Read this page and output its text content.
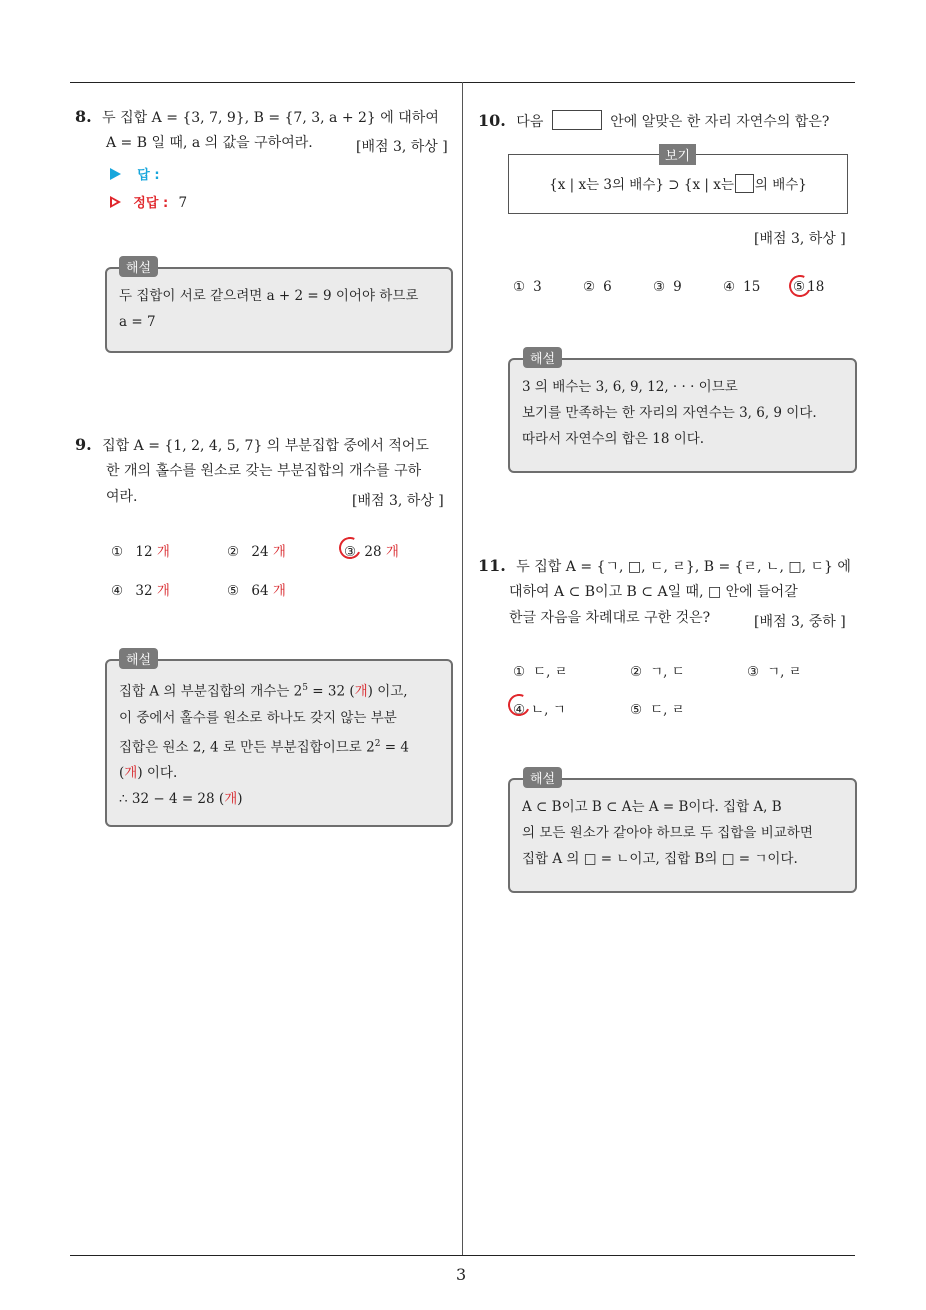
3
8. 두 집합 A = {3, 7, 9}, B = {7, 3, a + 2} 에 대하여
A = B 일 때, a 의 값을 구하여라.	[배점 3, 하상 ]
답 :
정답 : 7
두 집합이 서로 같으려면 a + 2 = 9 이어야 하므로
a = 7
해설
9. 집합 A = {1, 2, 4, 5, 7} 의 부분집합 중에서 적어도
한 개의 홀수를 원소로 갖는 부분집합의 개수를 구하
여라.	[배점 3, 하상 ]
① 12 개	② 24 개	③ 28 개
④ 32 개	⑤ 64 개
집합 A 의 부분집합의 개수는 $2^5 = 32$ (개) 이고,
이 중에서 홀수를 원소로 하나도 갖지 않는 부분
집합은 원소 2, 4 로 만든 부분집합이므로 $2^2 = 4$
(개) 이다.
∴ 32 − 4 = 28 (개)
해설
10. 다음	안에 알맞은 한 자리 자연수의 합은?
{x | x는 3의 배수} ⊃ {x | x는 의 배수}
보기
[배점 3, 하상 ]
① 3	② 6	③ 9	④ 15 ⑤ 18
3 의 배수는 3, 6, 9, 12, · · · 이므로
보기를 만족하는 한 자리의 자연수는 3, 6, 9 이다.
따라서 자연수의 합은 18 이다.
해설
11. 두 집합 A = {ㄱ, □, ㄷ, ㄹ}, B = {ㄹ, ㄴ, □, ㄷ} 에
대하여 A ⊂ B이고 B ⊂ A일 때, □ 안에 들어갈
한글 자음을 차례대로 구한 것은?	[배점 3, 중하 ]
① ㄷ, ㄹ	② ㄱ, ㄷ	③ ㄱ, ㄹ
④ ㄴ, ㄱ	⑤ ㄷ, ㄹ
A ⊂ B이고 B ⊂ A는 A = B이다. 집합 A, B
의 모든 원소가 같아야 하므로 두 집합을 비교하면
집합 A 의 □ = ㄴ이고, 집합 B의 □ = ㄱ이다.
해설
